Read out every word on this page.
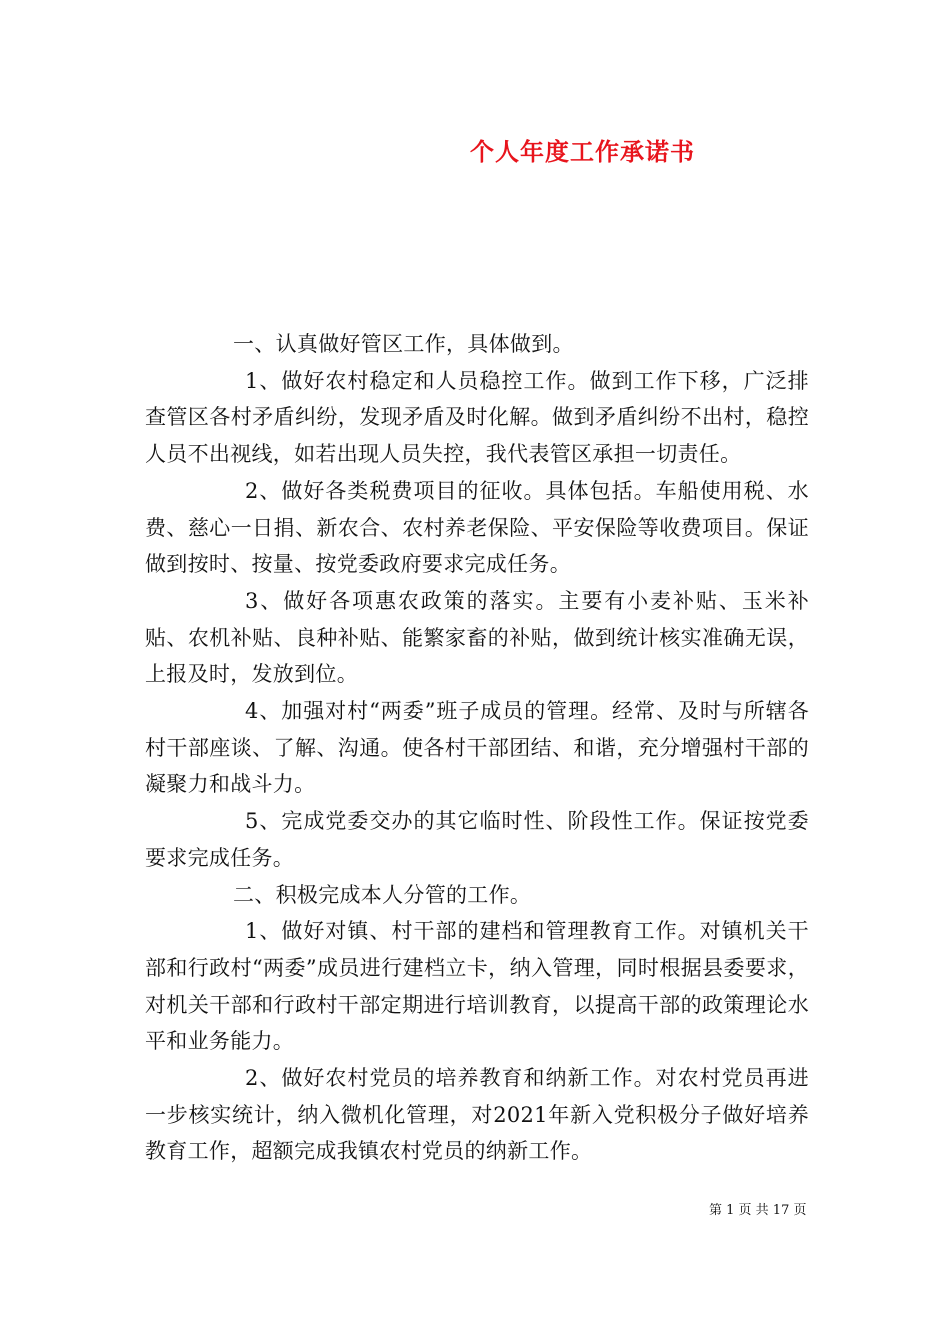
个人年度工作承诺书

一、认真做好管区工作，具体做到。

1、做好农村稳定和人员稳控工作。做到工作下移，广泛排查管区各村矛盾纠纷，发现矛盾及时化解。做到矛盾纠纷不出村，稳控人员不出视线，如若出现人员失控，我代表管区承担一切责任。

2、做好各类税费项目的征收。具体包括。车船使用税、水费、慈心一日捐、新农合、农村养老保险、平安保险等收费项目。保证做到按时、按量、按党委政府要求完成任务。

3、做好各项惠农政策的落实。主要有小麦补贴、玉米补贴、农机补贴、良种补贴、能繁家畜的补贴，做到统计核实准确无误，上报及时，发放到位。

4、加强对村“两委”班子成员的管理。经常、及时与所辖各村干部座谈、了解、沟通。使各村干部团结、和谐，充分增强村干部的凝聚力和战斗力。

5、完成党委交办的其它临时性、阶段性工作。保证按党委要求完成任务。

二、积极完成本人分管的工作。

1、做好对镇、村干部的建档和管理教育工作。对镇机关干部和行政村“两委”成员进行建档立卡，纳入管理，同时根据县委要求，对机关干部和行政村干部定期进行培训教育，以提高干部的政策理论水平和业务能力。

2、做好农村党员的培养教育和纳新工作。对农村党员再进一步核实统计，纳入微机化管理，对2021年新入党积极分子做好培养教育工作，超额完成我镇农村党员的纳新工作。

第 1 页 共 17 页
